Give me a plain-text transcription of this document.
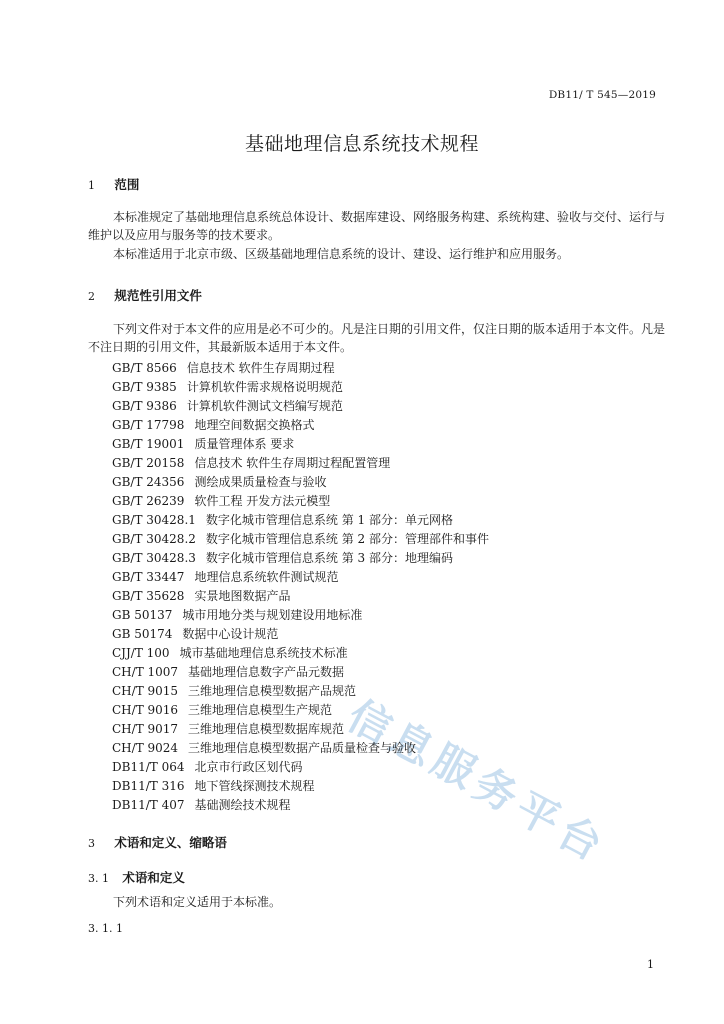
信
息
服
务
平
台
DB11/ T 545—2019
基础地理信息系统技术规程
1 范围
本标准规定了基础地理信息系统总体设计、数据库建设、网络服务构建、系统构建、验收与交付、运行与维护以及应用与服务等的技术要求。
本标准适用于北京市级、区级基础地理信息系统的设计、建设、运行维护和应用服务。
2 规范性引用文件
下列文件对于本文件的应用是必不可少的。凡是注日期的引用文件，仅注日期的版本适用于本文件。凡是不注日期的引用文件，其最新版本适用于本文件。
GB/T 8566 信息技术 软件生存周期过程
GB/T 9385 计算机软件需求规格说明规范
GB/T 9386 计算机软件测试文档编写规范
GB/T 17798 地理空间数据交换格式
GB/T 19001 质量管理体系 要求
GB/T 20158 信息技术 软件生存周期过程配置管理
GB/T 24356 测绘成果质量检查与验收
GB/T 26239 软件工程 开发方法元模型
GB/T 30428.1 数字化城市管理信息系统 第 1 部分：单元网格
GB/T 30428.2 数字化城市管理信息系统 第 2 部分：管理部件和事件
GB/T 30428.3 数字化城市管理信息系统 第 3 部分：地理编码
GB/T 33447 地理信息系统软件测试规范
GB/T 35628 实景地图数据产品
GB 50137 城市用地分类与规划建设用地标准
GB 50174 数据中心设计规范
CJJ/T 100 城市基础地理信息系统技术标准
CH/T 1007 基础地理信息数字产品元数据
CH/T 9015 三维地理信息模型数据产品规范
CH/T 9016 三维地理信息模型生产规范
CH/T 9017 三维地理信息模型数据库规范
CH/T 9024 三维地理信息模型数据产品质量检查与验收
DB11/T 064 北京市行政区划代码
DB11/T 316 地下管线探测技术规程
DB11/T 407 基础测绘技术规程
3 术语和定义、缩略语
3. 1 术语和定义
下列术语和定义适用于本标准。
3. 1. 1
1
